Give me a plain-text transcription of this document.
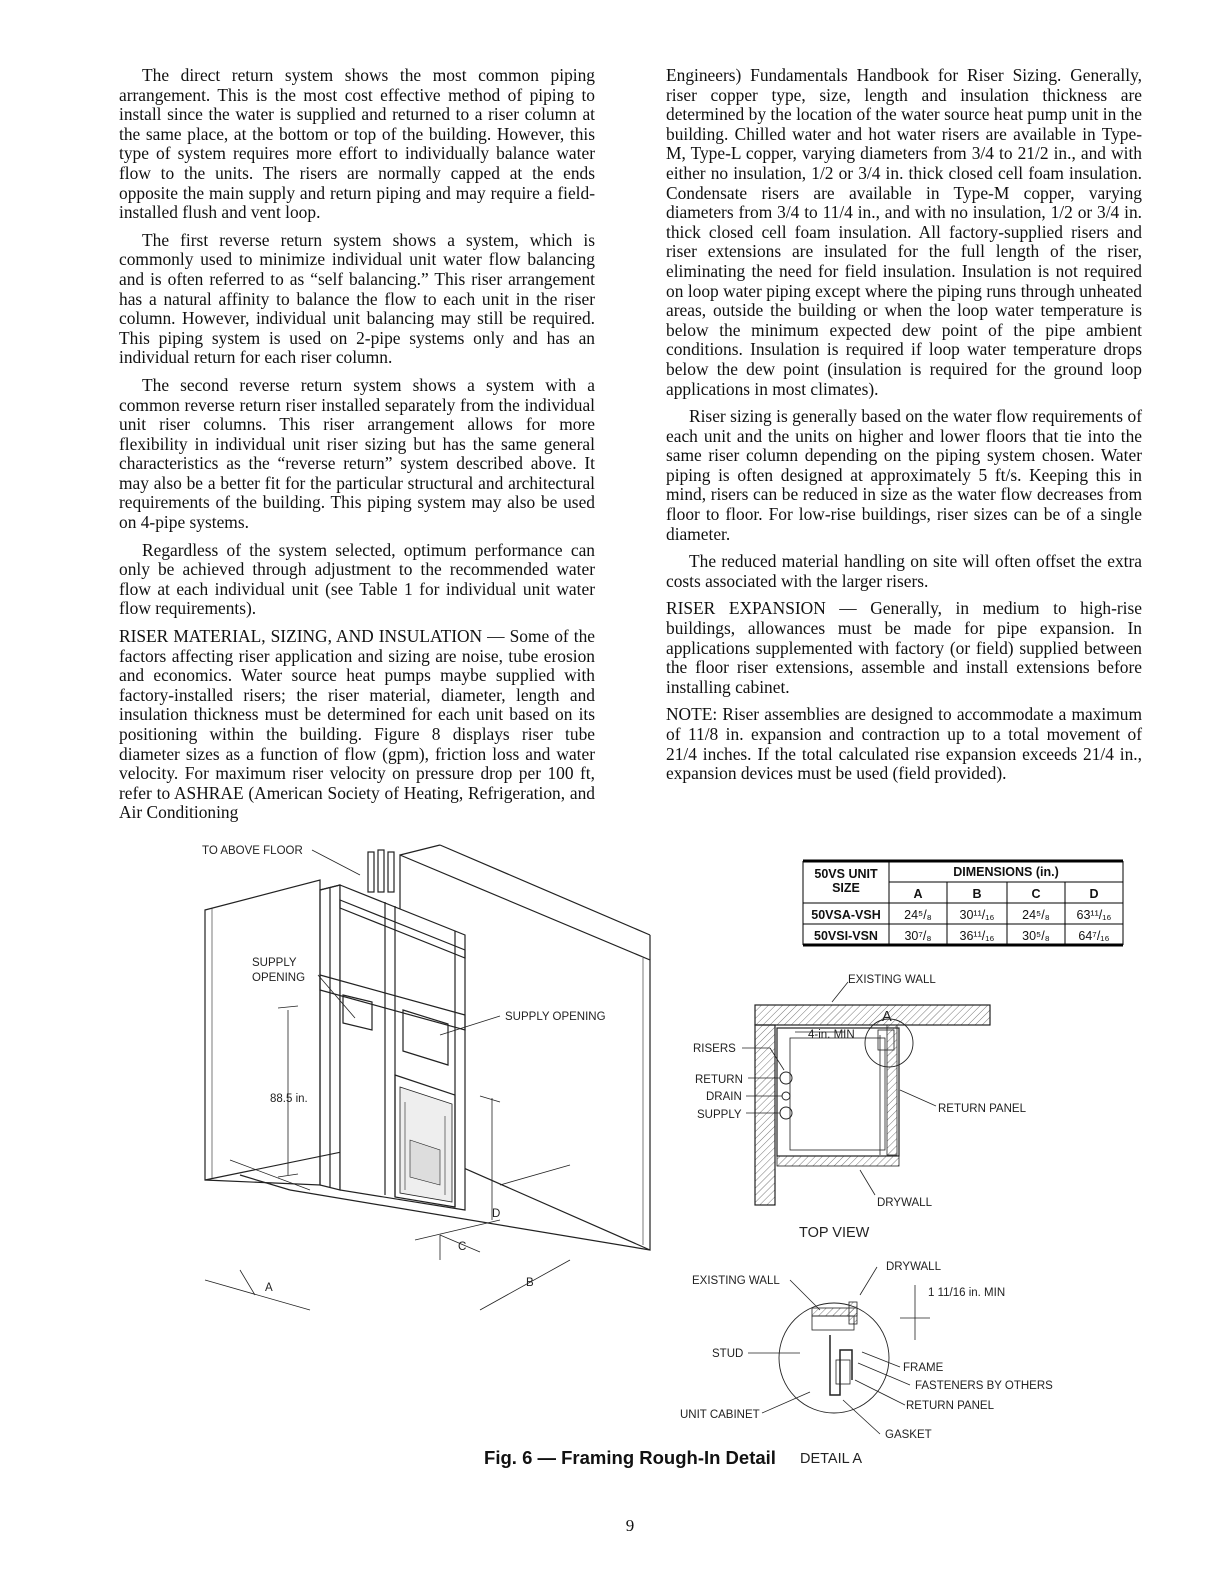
The direct return system shows the most common piping arrangement. This is the most cost effective method of piping to install since the water is supplied and returned to a riser column at the same place, at the bottom or top of the building. However, this type of system requires more effort to individually balance water flow to the units. The risers are normally capped at the ends opposite the main supply and return piping and may require a field-installed flush and vent loop.

The first reverse return system shows a system, which is commonly used to minimize individual unit water flow balancing and is often referred to as “self balancing.” This riser arrangement has a natural affinity to balance the flow to each unit in the riser column. However, individual unit balancing may still be required. This piping system is used on 2-pipe systems only and has an individual return for each riser column.

The second reverse return system shows a system with a common reverse return riser installed separately from the individual unit riser columns. This riser arrangement allows for more flexibility in individual unit riser sizing but has the same general characteristics as the “reverse return” system described above. It may also be a better fit for the particular structural and architectural requirements of the building. This piping system may also be used on 4-pipe systems.

Regardless of the system selected, optimum performance can only be achieved through adjustment to the recommended water flow at each individual unit (see Table 1 for individual unit water flow requirements).

RISER MATERIAL, SIZING, AND INSULATION — Some of the factors affecting riser application and sizing are noise, tube erosion and economics. Water source heat pumps maybe supplied with factory-installed risers; the riser material, diameter, length and insulation thickness must be determined for each unit based on its positioning within the building. Figure 8 displays riser tube diameter sizes as a function of flow (gpm), friction loss and water velocity. For maximum riser velocity on pressure drop per 100 ft, refer to ASHRAE (American Society of Heating, Refrigeration, and Air Conditioning

Engineers) Fundamentals Handbook for Riser Sizing. Generally, riser copper type, size, length and insulation thickness are determined by the location of the water source heat pump unit in the building. Chilled water and hot water risers are available in Type-M, Type-L copper, varying diameters from 3/4 to 21/2 in., and with either no insulation, 1/2 or 3/4 in. thick closed cell foam insulation. Condensate risers are available in Type-M copper, varying diameters from 3/4 to 11/4 in., and with no insulation, 1/2 or 3/4 in. thick closed cell foam insulation. All factory-supplied risers and riser extensions are insulated for the full length of the riser, eliminating the need for field insulation. Insulation is not required on loop water piping except where the piping runs through unheated areas, outside the building or when the loop water temperature is below the minimum expected dew point of the pipe ambient conditions. Insulation is required if loop water temperature drops below the dew point (insulation is required for the ground loop applications in most climates).

Riser sizing is generally based on the water flow requirements of each unit and the units on higher and lower floors that tie into the same riser column depending on the piping system chosen. Water piping is often designed at approximately 5 ft/s. Keeping this in mind, risers can be reduced in size as the water flow decreases from floor to floor. For low-rise buildings, riser sizes can be of a single diameter.

The reduced material handling on site will often offset the extra costs associated with the larger risers.

RISER EXPANSION — Generally, in medium to high-rise buildings, allowances must be made for pipe expansion. In applications supplemented with factory (or field) supplied between the floor riser extensions, assemble and install extensions before installing cabinet.

NOTE: Riser assemblies are designed to accommodate a maximum of 11/8 in. expansion and contraction up to a total movement of 21/4 inches. If the total calculated rise expansion exceeds 21/4 in., expansion devices must be used (field provided).

TO ABOVE FLOOR
SUPPLY
OPENING
SUPPLY OPENING
88.5 in.
D
C
A	B
50VS UNIT
SIZE
DIMENSIONS (in.)
A	B	C	D
50VSA-VSH 24⁵/₈ 30¹¹/₁₆ 24⁵/₈ 63¹¹/₁₆
50VSI-VSN 30⁷/₈ 36¹¹/₁₆ 30⁵/₈ 64⁷/₁₆
EXISTING WALL
RISERS
RETURN
DRAIN
SUPPLY
4-in. MIN
A
RETURN PANEL
DRYWALL
TOP VIEW
DRYWALL
EXISTING WALL
1 11/16 in. MIN
STUD
FRAME
FASTENERS BY OTHERS
RETURN PANEL
UNIT CABINET
GASKET
DETAIL A
Fig. 6 — Framing Rough-In Detail
9
